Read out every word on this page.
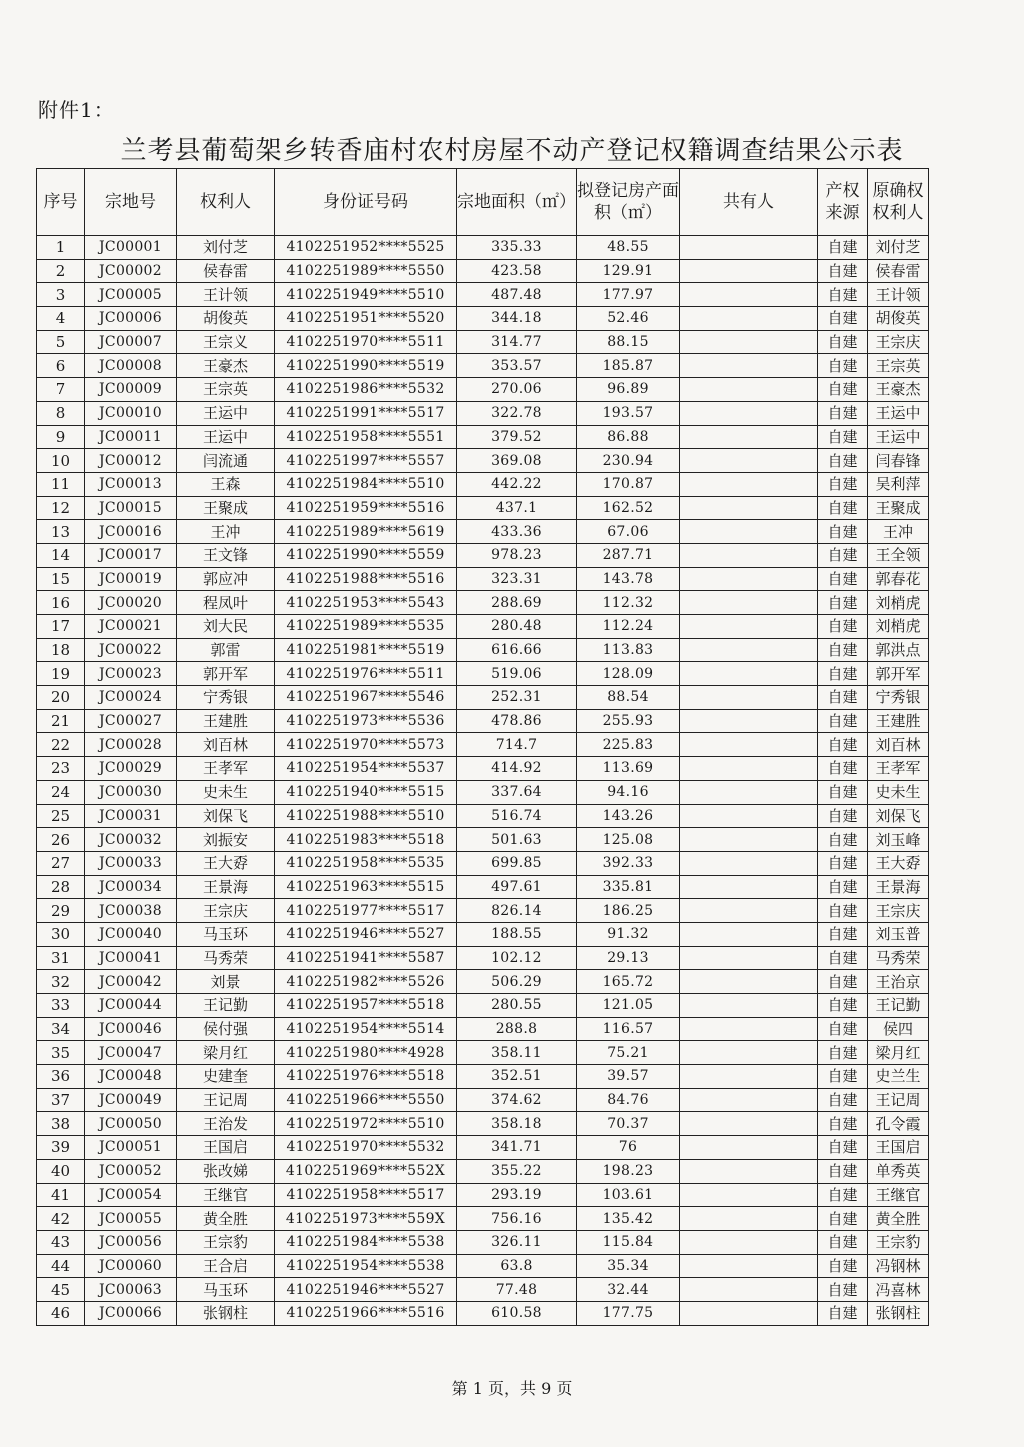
附件1：
兰考县葡萄架乡转香庙村农村房屋不动产登记权籍调查结果公示表
序号	宗地号	权利人	身份证号码	宗地面积（㎡）	拟登记房产面积（㎡）	共有人	产权来源	原确权权利人
1	JC00001	刘付芝	4102251952****5525	335.33	48.55		自建	刘付芝
2	JC00002	侯春雷	4102251989****5550	423.58	129.91		自建	侯春雷
3	JC00005	王计领	4102251949****5510	487.48	177.97		自建	王计领
4	JC00006	胡俊英	4102251951****5520	344.18	52.46		自建	胡俊英
5	JC00007	王宗义	4102251970****5511	314.77	88.15		自建	王宗庆
6	JC00008	王豪杰	4102251990****5519	353.57	185.87		自建	王宗英
7	JC00009	王宗英	4102251986****5532	270.06	96.89		自建	王豪杰
8	JC00010	王运中	4102251991****5517	322.78	193.57		自建	王运中
9	JC00011	王运中	4102251958****5551	379.52	86.88		自建	王运中
10	JC00012	闫流通	4102251997****5557	369.08	230.94		自建	闫春锋
11	JC00013	王森	4102251984****5510	442.22	170.87		自建	吴利萍
12	JC00015	王聚成	4102251959****5516	437.1	162.52		自建	王聚成
13	JC00016	王冲	4102251989****5619	433.36	67.06		自建	王冲
14	JC00017	王文锋	4102251990****5559	978.23	287.71		自建	王全领
15	JC00019	郭应冲	4102251988****5516	323.31	143.78		自建	郭春花
16	JC00020	程凤叶	4102251953****5543	288.69	112.32		自建	刘梢虎
17	JC00021	刘大民	4102251989****5535	280.48	112.24		自建	刘梢虎
18	JC00022	郭雷	4102251981****5519	616.66	113.83		自建	郭洪点
19	JC00023	郭开军	4102251976****5511	519.06	128.09		自建	郭开军
20	JC00024	宁秀银	4102251967****5546	252.31	88.54		自建	宁秀银
21	JC00027	王建胜	4102251973****5536	478.86	255.93		自建	王建胜
22	JC00028	刘百林	4102251970****5573	714.7	225.83		自建	刘百林
23	JC00029	王孝军	4102251954****5537	414.92	113.69		自建	王孝军
24	JC00030	史未生	4102251940****5515	337.64	94.16		自建	史未生
25	JC00031	刘保飞	4102251988****5510	516.74	143.26		自建	刘保飞
26	JC00032	刘振安	4102251983****5518	501.63	125.08		自建	刘玉峰
27	JC00033	王大孬	4102251958****5535	699.85	392.33		自建	王大孬
28	JC00034	王景海	4102251963****5515	497.61	335.81		自建	王景海
29	JC00038	王宗庆	4102251977****5517	826.14	186.25		自建	王宗庆
30	JC00040	马玉环	4102251946****5527	188.55	91.32		自建	刘玉普
31	JC00041	马秀荣	4102251941****5587	102.12	29.13		自建	马秀荣
32	JC00042	刘景	4102251982****5526	506.29	165.72		自建	王治京
33	JC00044	王记勤	4102251957****5518	280.55	121.05		自建	王记勤
34	JC00046	侯付强	4102251954****5514	288.8	116.57		自建	侯四
35	JC00047	梁月红	4102251980****4928	358.11	75.21		自建	梁月红
36	JC00048	史建奎	4102251976****5518	352.51	39.57		自建	史兰生
37	JC00049	王记周	4102251966****5550	374.62	84.76		自建	王记周
38	JC00050	王治发	4102251972****5510	358.18	70.37		自建	孔令霞
39	JC00051	王国启	4102251970****5532	341.71	76		自建	王国启
40	JC00052	张改娣	4102251969****552X	355.22	198.23		自建	单秀英
41	JC00054	王继官	4102251958****5517	293.19	103.61		自建	王继官
42	JC00055	黄全胜	4102251973****559X	756.16	135.42		自建	黄全胜
43	JC00056	王宗豹	4102251984****5538	326.11	115.84		自建	王宗豹
44	JC00060	王合启	4102251954****5538	63.8	35.34		自建	冯钢林
45	JC00063	马玉环	4102251946****5527	77.48	32.44		自建	冯喜林
46	JC00066	张钢柱	4102251966****5516	610.58	177.75		自建	张钢柱
第 1 页，共 9 页
